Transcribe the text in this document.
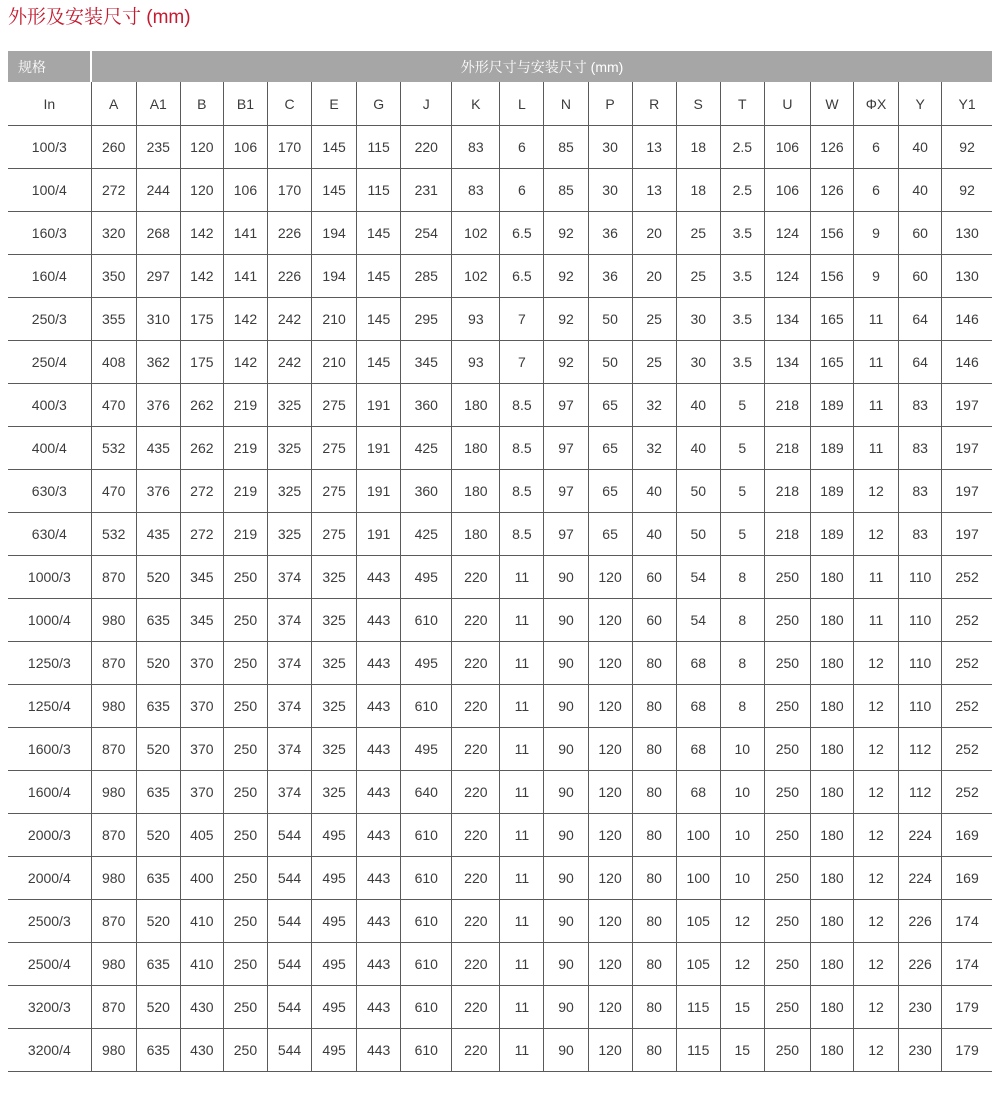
外形及安装尺寸 (mm)
规格	外形尺寸与安装尺寸 (mm)																			
In	A	A1	B	B1	C	E	G	J	K	L	N	P	R	S	T	U	W	ΦX	Y	Y1
100/3	260	235	120	106	170	145	115	220	83	6	85	30	13	18	2.5	106	126	6	40	92
100/4	272	244	120	106	170	145	115	231	83	6	85	30	13	18	2.5	106	126	6	40	92
160/3	320	268	142	141	226	194	145	254	102	6.5	92	36	20	25	3.5	124	156	9	60	130
160/4	350	297	142	141	226	194	145	285	102	6.5	92	36	20	25	3.5	124	156	9	60	130
250/3	355	310	175	142	242	210	145	295	93	7	92	50	25	30	3.5	134	165	11	64	146
250/4	408	362	175	142	242	210	145	345	93	7	92	50	25	30	3.5	134	165	11	64	146
400/3	470	376	262	219	325	275	191	360	180	8.5	97	65	32	40	5	218	189	11	83	197
400/4	532	435	262	219	325	275	191	425	180	8.5	97	65	32	40	5	218	189	11	83	197
630/3	470	376	272	219	325	275	191	360	180	8.5	97	65	40	50	5	218	189	12	83	197
630/4	532	435	272	219	325	275	191	425	180	8.5	97	65	40	50	5	218	189	12	83	197
1000/3	870	520	345	250	374	325	443	495	220	11	90	120	60	54	8	250	180	11	110	252
1000/4	980	635	345	250	374	325	443	610	220	11	90	120	60	54	8	250	180	11	110	252
1250/3	870	520	370	250	374	325	443	495	220	11	90	120	80	68	8	250	180	12	110	252
1250/4	980	635	370	250	374	325	443	610	220	11	90	120	80	68	8	250	180	12	110	252
1600/3	870	520	370	250	374	325	443	495	220	11	90	120	80	68	10	250	180	12	112	252
1600/4	980	635	370	250	374	325	443	640	220	11	90	120	80	68	10	250	180	12	112	252
2000/3	870	520	405	250	544	495	443	610	220	11	90	120	80	100	10	250	180	12	224	169
2000/4	980	635	400	250	544	495	443	610	220	11	90	120	80	100	10	250	180	12	224	169
2500/3	870	520	410	250	544	495	443	610	220	11	90	120	80	105	12	250	180	12	226	174
2500/4	980	635	410	250	544	495	443	610	220	11	90	120	80	105	12	250	180	12	226	174
3200/3	870	520	430	250	544	495	443	610	220	11	90	120	80	115	15	250	180	12	230	179
3200/4	980	635	430	250	544	495	443	610	220	11	90	120	80	115	15	250	180	12	230	179
